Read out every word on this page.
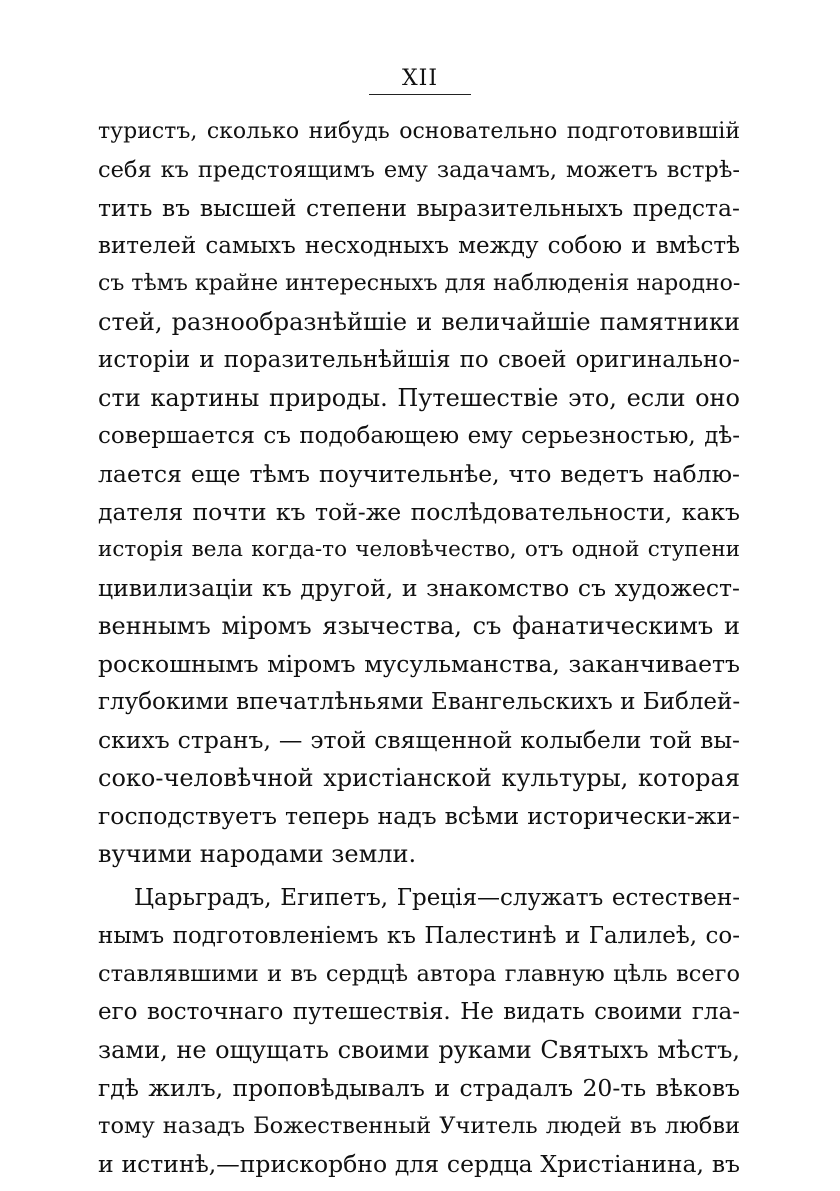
XII
туристъ, сколько нибудь основательно подготовившій
себя къ предстоящимъ ему задачамъ, можетъ встрѣ-
тить въ высшей степени выразительныхъ предста-
вителей самыхъ несходныхъ между собою и вмѣстѣ
съ тѣмъ крайне интересныхъ для наблюденія народно-
стей, разнообразнѣйшіе и величайшіе памятники
исторіи и поразительнѣйшія по своей оригинально-
сти картины природы. Путешествіе это, если оно
совершается съ подобающею ему серьезностью, дѣ-
лается еще тѣмъ поучительнѣе, что ведетъ наблю-
дателя почти къ той-же послѣдовательности, какъ
исторія вела когда-то человѣчество, отъ одной ступени
цивилизаціи къ другой, и знакомство съ художест-
веннымъ міромъ язычества, съ фанатическимъ и
роскошнымъ міромъ мусульманства, заканчиваетъ
глубокими впечатлѣньями Евангельскихъ и Библей-
скихъ странъ, — этой священной колыбели той вы-
соко-человѣчной христіанской культуры, которая
господствуетъ теперь надъ всѣми исторически-жи-
вучими народами земли.
Царьградъ, Египетъ, Греція—служатъ естествен-
нымъ подготовленіемъ къ Палестинѣ и Галилеѣ, со-
ставлявшими и въ сердцѣ автора главную цѣль всего
его восточнаго путешествія. Не видать своими гла-
зами, не ощущать своими руками Святыхъ мѣстъ,
гдѣ жилъ, проповѣдывалъ и страдалъ 20-ть вѣковъ
тому назадъ Божественный Учитель людей въ любви
и истинѣ,—прискорбно для сердца Христіанина, въ
